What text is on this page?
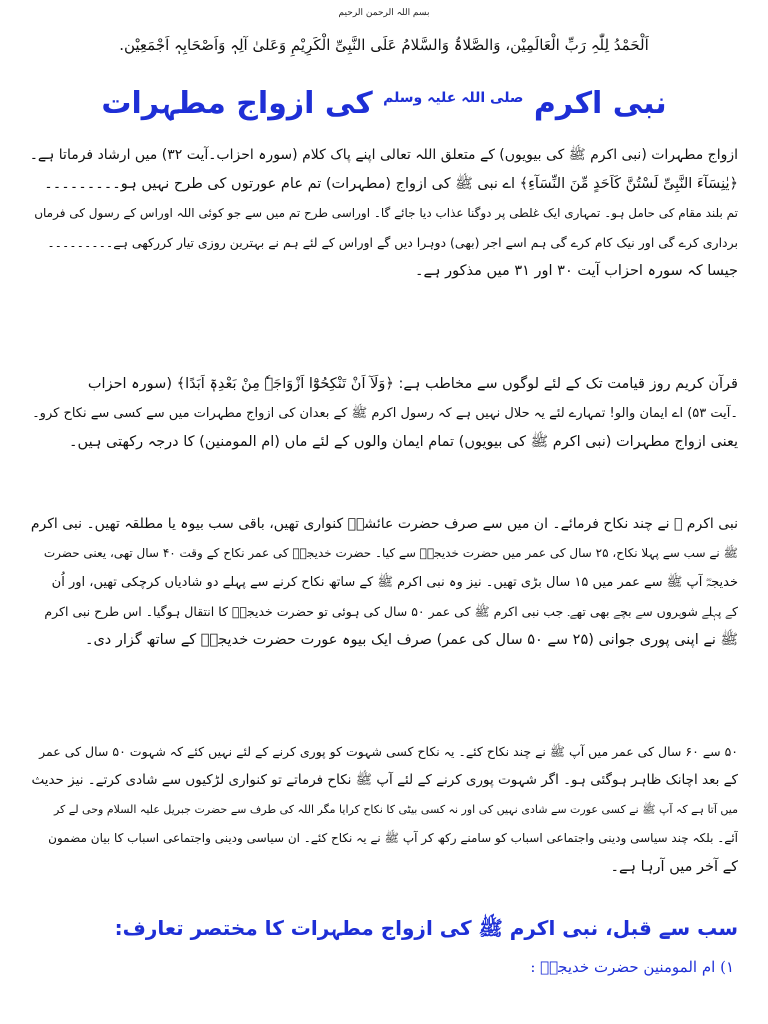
بسم اللہ الرحمن الرحیم
اَلْحَمْدُ لِلّٰہِ رَبِّ الْعَالَمِیْن، وَالصَّلاۃُ وَالسَّلامُ عَلَی النَّبِیِّ الْکَرِیْمِ وَعَلیٰ آلِہٖ وَاَصْحَابِہٖ اَجْمَعِیْن.
نبی اکرم $^{صلی اللہ علیہ وسلم}$ کی ازواج مطہرات
ازواج مطہرات (نبی اکرم ﷺ کی بیویوں) کے متعلق اللہ تعالی اپنے پاک کلام (سورہ احزاب۔آیت ۳۲) میں ارشاد فرماتا ہے۔
﴿یٰنِسَآءَ النَّبِیِّ لَسْتُنَّ کَاَحَدٍ مِّنَ النِّسَآءِ﴾ اے نبی ﷺ کی ازواج (مطہرات) تم عام عورتوں کی طرح نہیں ہو۔۔۔۔۔۔۔۔۔
تم بلند مقام کی حامل ہو۔ تمہاری ایک غلطی پر دوگنا عذاب دیا جائے گا۔ اوراسی طرح تم میں سے جو کوئی اللہ اوراس کے رسول کی فرماں
برداری کرے گی اور نیک کام کرے گی ہم اسے اجر (بھی) دوہرا دیں گے اوراس کے لئے ہم نے بہترین روزی تیار کررکھی ہے۔۔۔۔۔۔۔۔۔
جیسا کہ سورہ احزاب آیت ۳۰ اور ۳۱ میں مذکور ہے۔
قرآن کریم روز قیامت تک کے لئے لوگوں سے مخاطب ہے: ﴿وَلَآ اَنْ تَنْکِحُوْٓا اَزْوَاجَہٗ مِنْ بَعْدِہٖٓ اَبَدًا﴾ (سورہ احزاب
۔آیت ۵۳) اے ایمان والو! تمہارے لئے یہ حلال نہیں ہے کہ رسول اکرم ﷺ کے بعدان کی ازواج مطہرات میں سے کسی سے نکاح کرو۔
یعنی ازواج مطہرات (نبی اکرم ﷺ کی بیویوں) تمام ایمان والوں کے لئے ماں (ام المومنین) کا درجہ رکھتی ہیں۔
نبی اکرم ﷺ نے چند نکاح فرمائے۔ ان میں سے صرف حضرت عائشہؓ کنواری تھیں، باقی سب بیوہ یا مطلقہ تھیں۔ نبی اکرم
ﷺ نے سب سے پہلا نکاح، ۲۵ سال کی عمر میں حضرت خدیجہؓ سے کیا۔ حضرت خدیجہؓ کی عمر نکاح کے وقت ۴۰ سال تھی، یعنی حضرت
خدیجہؓ آپ ﷺ سے عمر میں ۱۵ سال بڑی تھیں۔ نیز وہ نبی اکرم ﷺ کے ساتھ نکاح کرنے سے پہلے دو شادیاں کرچکی تھیں، اور اُن
کے پہلے شوہروں سے بچے بھی تھے۔ جب نبی اکرم ﷺ کی عمر ۵۰ سال کی ہوئی تو حضرت خدیجہؓ کا انتقال ہوگیا۔ اس طرح نبی اکرم
ﷺ نے اپنی پوری جوانی (۲۵ سے ۵۰ سال کی عمر) صرف ایک بیوہ عورت حضرت خدیجہؓ کے ساتھ گزار دی۔
۵۰ سے ۶۰ سال کی عمر میں آپ ﷺ نے چند نکاح کئے۔ یہ نکاح کسی شہوت کو پوری کرنے کے لئے نہیں کئے کہ شہوت ۵۰ سال کی عمر
کے بعد اچانک ظاہر ہوگئی ہو۔ اگر شہوت پوری کرنے کے لئے آپ ﷺ نکاح فرماتے تو کنواری لڑکیوں سے شادی کرتے۔ نیز حدیث
میں آتا ہے کہ آپ ﷺ نے کسی عورت سے شادی نہیں کی اور نہ کسی بیٹی کا نکاح کرایا مگر اللہ کی طرف سے حضرت جبریل علیہ السلام وحی لے کر
آئے۔ بلکہ چند سیاسی ودینی واجتماعی اسباب کو سامنے رکھ کر آپ ﷺ نے یہ نکاح کئے۔ ان سیاسی ودینی واجتماعی اسباب کا بیان مضمون
کے آخر میں آرہا ہے۔
سب سے قبل، نبی اکرم ﷺ کی ازواج مطہرات کا مختصر تعارف:
۱) ام المومنین حضرت خدیجہؓ :
